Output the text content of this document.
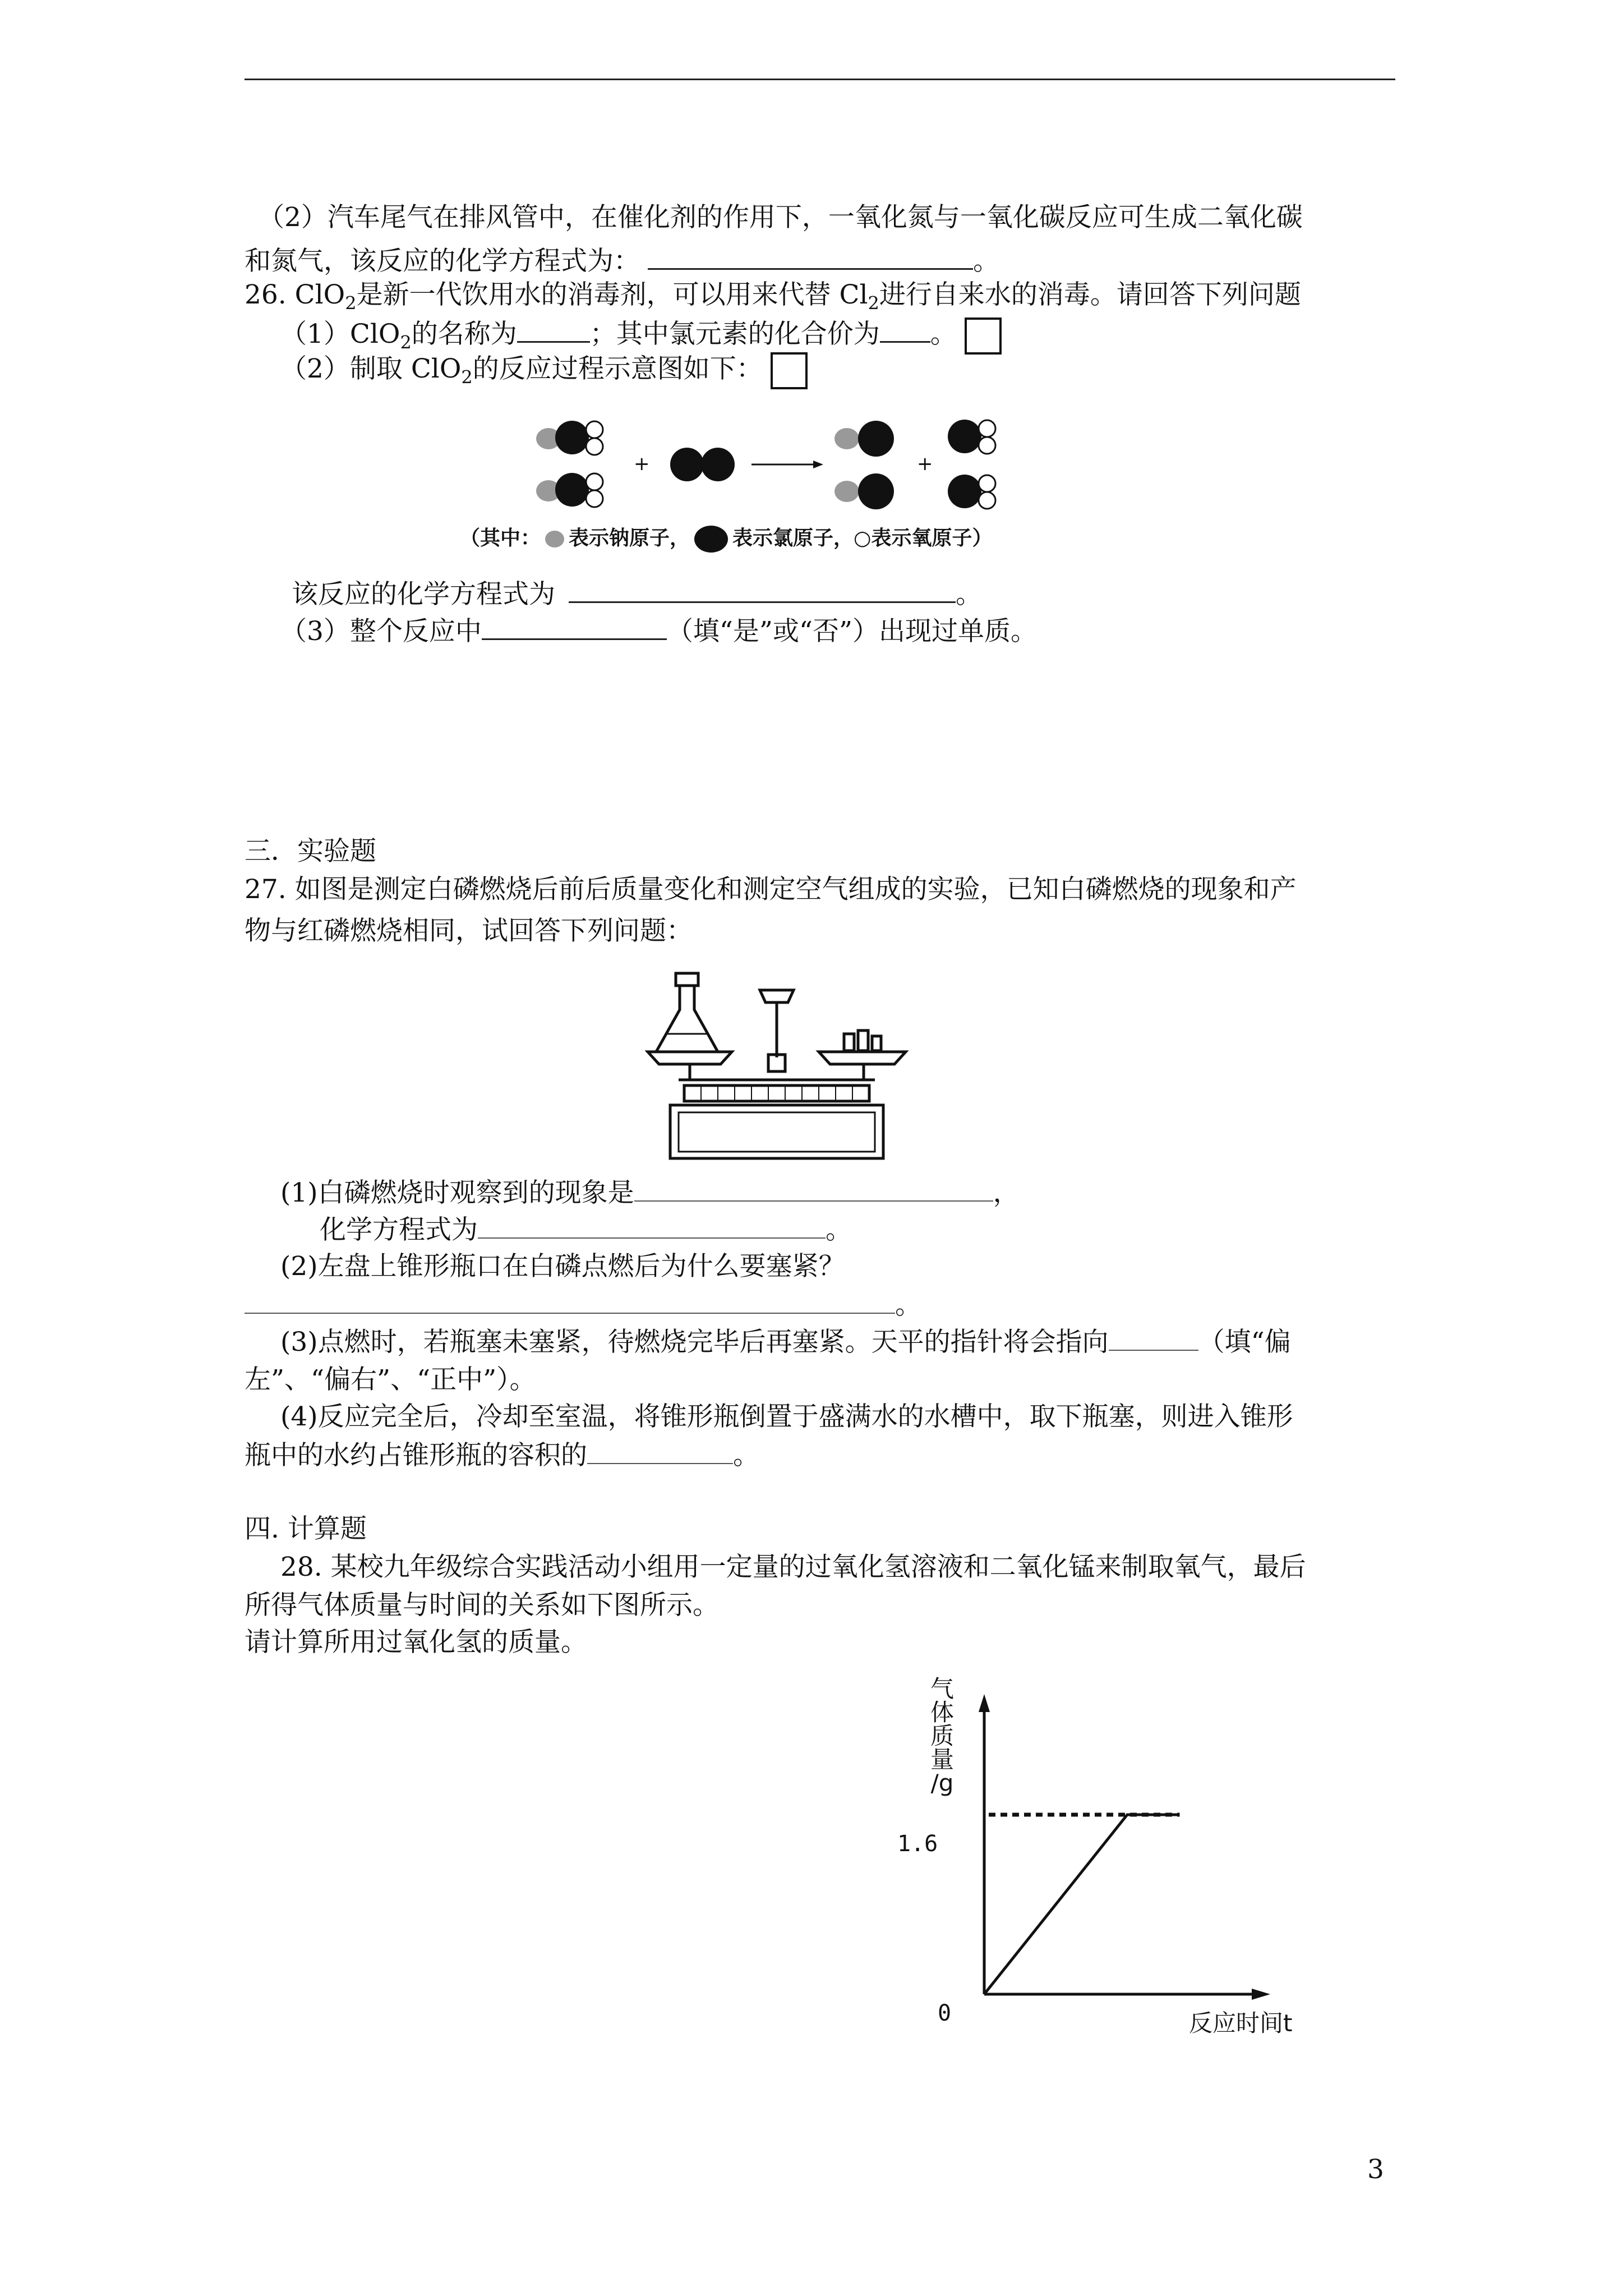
（2）汽车尾气在排风管中，在催化剂的作用下，一氧化氮与一氧化碳反应可生成二氧化碳
和氮气，该反应的化学方程式为：	。
26. ClO$_2$是新一代饮用水的消毒剂，可以用来代替 $Cl_2$进行自来水的消毒。请回答下列问题
（1）ClO$_2$的名称为	；其中氯元素的化合价为 。
（2）制取 ClO$_2$的反应过程示意图如下：
+	+
（其中： 表示钠原子， 表示氯原子，○表示氧原子）
该反应的化学方程式为	。
（3）整个反应中	（填“是”或“否”）出现过单质。
三．实验题
27. 如图是测定白磷燃烧后前后质量变化和测定空气组成的实验，已知白磷燃烧的现象和产
物与红磷燃烧相同，试回答下列问题：
(1)白磷燃烧时观察到的现象是	，
化学方程式为	。
(2)左盘上锥形瓶口在白磷点燃后为什么要塞紧？
。
(3)点燃时，若瓶塞未塞紧，待燃烧完毕后再塞紧。天平的指针将会指向	（填“偏
左”、“偏右”、“正中”）。
(4)反应完全后，冷却至室温，将锥形瓶倒置于盛满水的水槽中，取下瓶塞，则进入锥形
瓶中的水约占锥形瓶的容积的	。
四. 计算题
28. 某校九年级综合实践活动小组用一定量的过氧化氢溶液和二氧化锰来制取氧气，最后
所得气体质量与时间的关系如下图所示。
请计算所用过氧化氢的质量。
气
体
质
量
/g
1.6
0	反应时间t
3
